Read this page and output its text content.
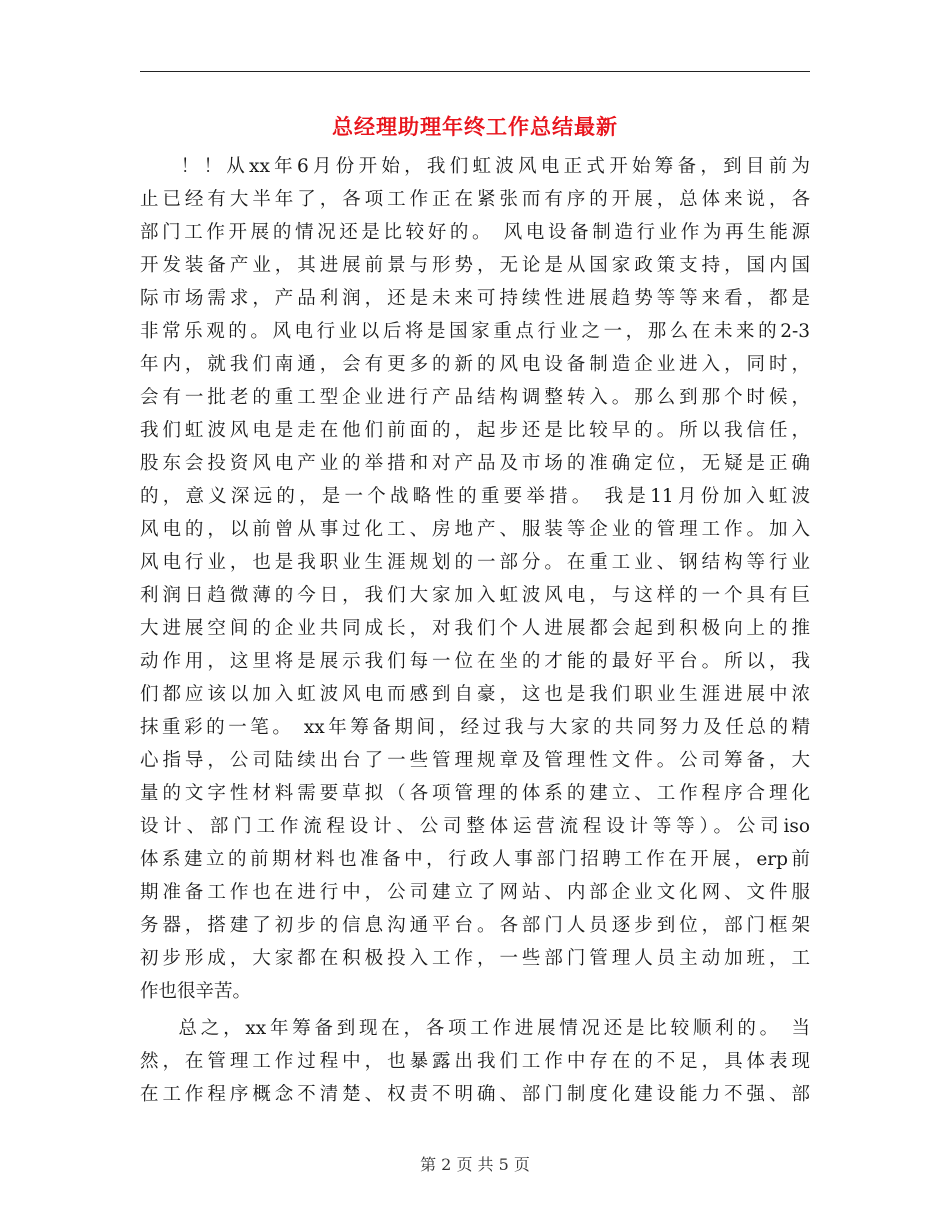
总经理助理年终工作总结最新
！！从xx年6月份开始，我们虹波风电正式开始筹备，到目前为
止已经有大半年了，各项工作正在紧张而有序的开展，总体来说，各
部门工作开展的情况还是比较好的。 风电设备制造行业作为再生能源
开发装备产业，其进展前景与形势，无论是从国家政策支持，国内国
际市场需求，产品利润，还是未来可持续性进展趋势等等来看，都是
非常乐观的。风电行业以后将是国家重点行业之一，那么在未来的2-3
年内，就我们南通，会有更多的新的风电设备制造企业进入，同时，
会有一批老的重工型企业进行产品结构调整转入。那么到那个时候，
我们虹波风电是走在他们前面的，起步还是比较早的。所以我信任，
股东会投资风电产业的举措和对产品及市场的准确定位，无疑是正确
的，意义深远的，是一个战略性的重要举措。 我是11月份加入虹波
风电的，以前曾从事过化工、房地产、服装等企业的管理工作。加入
风电行业，也是我职业生涯规划的一部分。在重工业、钢结构等行业
利润日趋微薄的今日，我们大家加入虹波风电，与这样的一个具有巨
大进展空间的企业共同成长，对我们个人进展都会起到积极向上的推
动作用，这里将是展示我们每一位在坐的才能的最好平台。所以，我
们都应该以加入虹波风电而感到自豪，这也是我们职业生涯进展中浓
抹重彩的一笔。 xx年筹备期间，经过我与大家的共同努力及任总的精
心指导，公司陆续出台了一些管理规章及管理性文件。公司筹备，大
量的文字性材料需要草拟（各项管理的体系的建立、工作程序合理化
设计、部门工作流程设计、公司整体运营流程设计等等）。公司iso
体系建立的前期材料也准备中，行政人事部门招聘工作在开展，erp前
期准备工作也在进行中，公司建立了网站、内部企业文化网、文件服
务器，搭建了初步的信息沟通平台。各部门人员逐步到位，部门框架
初步形成，大家都在积极投入工作，一些部门管理人员主动加班，工
作也很辛苦。
总之，xx年筹备到现在，各项工作进展情况还是比较顺利的。 当
然，在管理工作过程中，也暴露出我们工作中存在的不足，具体表现
在工作程序概念不清楚、权责不明确、部门制度化建设能力不强、部
第 2 页 共 5 页
